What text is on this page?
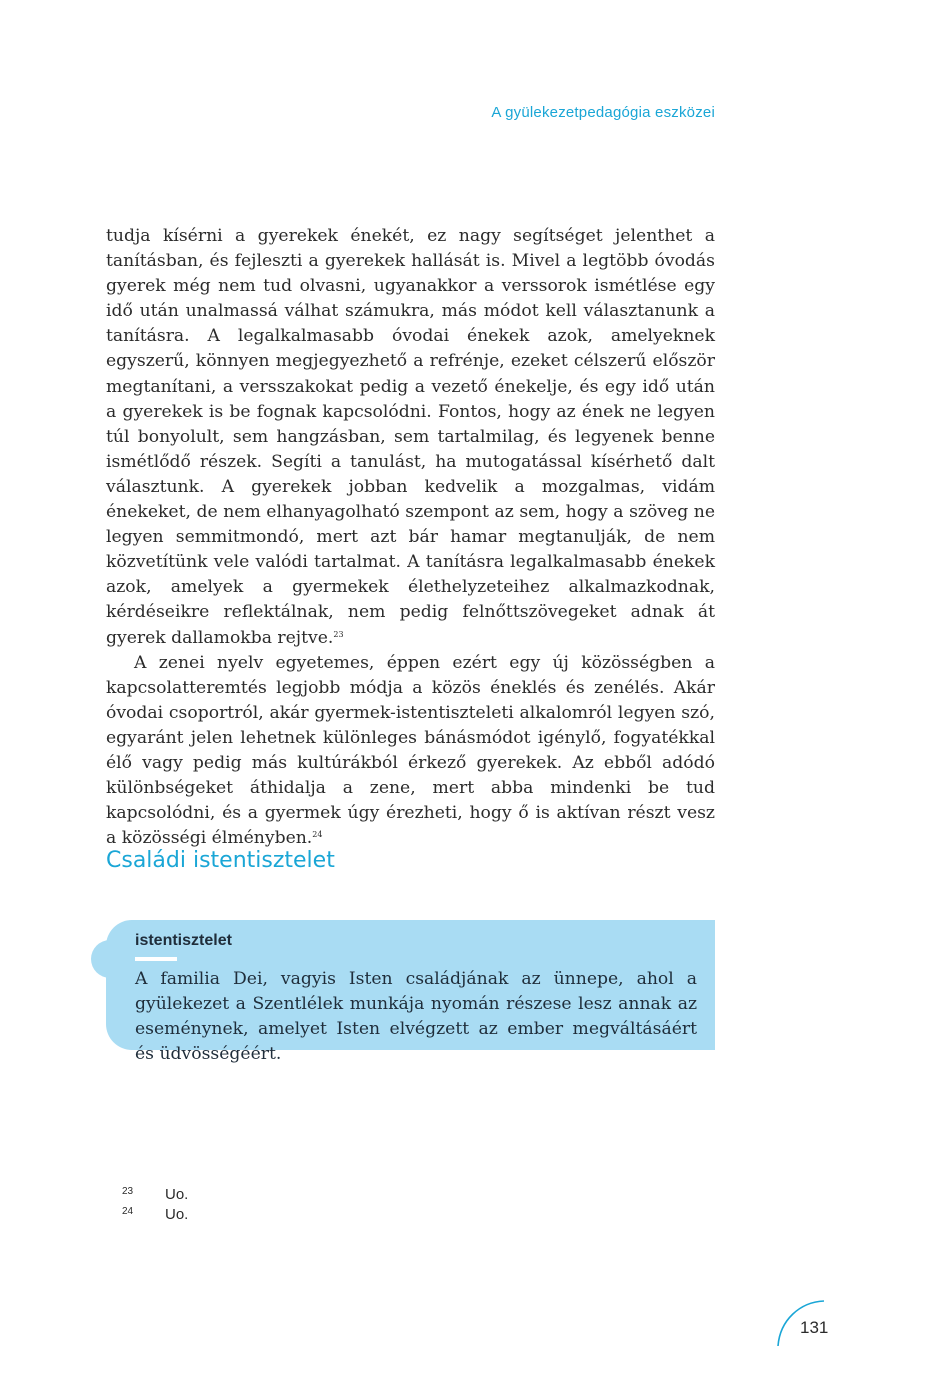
A gyülekezetpedagógia eszközei

tudja kísérni a gyerekek énekét, ez nagy segítséget jelenthet a tanításban, és fejleszti a gyerekek hallását is. Mivel a legtöbb óvodás gyerek még nem tud olvasni, ugyanakkor a verssorok ismétlése egy idő után unalmassá válhat számukra, más módot kell választanunk a tanításra. A legalkalmasabb óvodai énekek azok, amelyeknek egyszerű, könnyen megjegyezhető a refrénje, ezeket célszerű először megtanítani, a versszakokat pedig a vezető énekelje, és egy idő után a gyerekek is be fognak kapcsolódni. Fontos, hogy az ének ne legyen túl bonyolult, sem hangzásban, sem tartalmilag, és legyenek benne ismétlődő részek. Segíti a tanulást, ha mutogatással kísérhető dalt választunk. A gyerekek jobban kedvelik a mozgalmas, vidám énekeket, de nem elhanyagolható szempont az sem, hogy a szöveg ne legyen semmitmondó, mert azt bár hamar megtanulják, de nem közvetítünk vele valódi tartalmat. A tanításra legalkalmasabb énekek azok, amelyek a gyermekek élethelyzeteihez alkalmazkodnak, kérdéseikre reflektálnak, nem pedig felnőttszövegeket adnak át gyerek dallamokba rejtve.$^{23}$

A zenei nyelv egyetemes, éppen ezért egy új közösségben a kapcsolatteremtés legjobb módja a közös éneklés és zenélés. Akár óvodai csoportról, akár gyermek-istentiszteleti alkalomról legyen szó, egyaránt jelen lehetnek különleges bánásmódot igénylő, fogyatékkal élő vagy pedig más kultúrákból érkező gyerekek. Az ebből adódó különbségeket áthidalja a zene, mert abba mindenki be tud kapcsolódni, és a gyermek úgy érezheti, hogy ő is aktívan részt vesz a közösségi élményben.$^{24}$

Családi istentisztelet
istentisztelet
A familia Dei, vagyis Isten családjának az ünnepe, ahol a gyülekezet a Szentlélek munkája nyomán részese lesz annak az eseménynek, amelyet Isten elvégzett az ember megváltásáért és üdvösségéért.
23	Uo.
24	Uo.
131
